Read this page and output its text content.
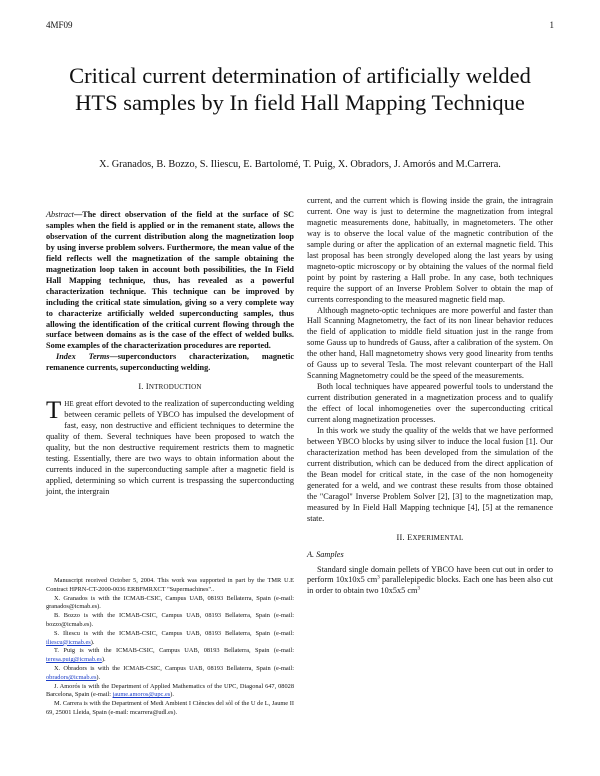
4MF09	1
Critical current determination of artificially welded HTS samples by In field Hall Mapping Technique
X. Granados, B. Bozzo, S. Iliescu, E. Bartolomé, T. Puig, X. Obradors, J. Amorós and M.Carrera.

Abstract—The direct observation of the field at the surface of SC samples when the field is applied or in the remanent state, allows the observation of the current distribution along the magnetization loop by using inverse problem solvers. Furthermore, the mean value of the field reflects well the magnetization of the sample obtaining the magnetization loop taken in account both possibilities, the In Field Hall Mapping technique, thus, has revealed as a powerful characterization technique. This technique can be improved by including the critical state simulation, giving so a very complete way to characterize artificially welded superconducting samples, thus allowing the identification of the critical current flowing through the surface between domains as is the case of the effect of welded bulks. Some examples of the characterization procedures are reported.

Index Terms—superconductors characterization, magnetic remanence currents, superconducting welding.

I. INTRODUCTION

THE great effort devoted to the realization of superconducting welding between ceramic pellets of YBCO has impulsed the development of fast, easy, non destructive and efficient techniques to determine the quality of them. Several techniques have been proposed to watch the quality, but the non destructive requirement restricts them to magnetic testing. Essentially, there are two ways to obtain information about the currents induced in the superconducting sample after a magnetic field is applied, determining so which current is trespassing the superconducting joint, the intergrain

Manuscript received October 5, 2004. This work was supported in part by the TMR U.E Contract HPRN-CT-2000-0036 ERBFMRXCT "Supermachines"..

X. Granados is with the ICMAB-CSIC, Campus UAB, 08193 Bellaterra, Spain (e-mail: granados@icmab.es).

B. Bozzo is with the ICMAB-CSIC, Campus UAB, 08193 Bellaterra, Spain (e-mail: bozzo@icmab.es).

S. Iliescu is with the ICMAB-CSIC, Campus UAB, 08193 Bellaterra, Spain (e-mail: iliescu@icmab.es).

T. Puig is with the ICMAB-CSIC, Campus UAB, 08193 Bellaterra, Spain (e-mail: teresa.puig@icmab.es).

X. Obradors is with the ICMAB-CSIC, Campus UAB, 08193 Bellaterra, Spain (e-mail: obradors@icmab.es).

J. Amorós is with the Department of Applied Mathematics of the UPC, Diagonal 647, 08028 Barcelona, Spain (e-mail: jaume.amoros@upc.es).

M. Carrera is with the Department of Medi Ambient I Ciències del sòl of the U de L, Jaume II 69, 25001 Lleida, Spain (e-mail: mcarrera@udl.es).

current, and the current which is flowing inside the grain, the intragrain current. One way is just to determine the magnetization from integral magnetic measurements done, habitually, in magnetometers. The other way is to observe the local value of the magnetic contribution of the sample during or after the application of an external magnetic field. This last proposal has been strongly developed along the last years by using magneto-optic microscopy or by obtaining the values of the normal field point by point by rastering a Hall probe. In any case, both techniques require the support of an Inverse Problem Solver to obtain the map of currents corresponding to the measured magnetic field map.

Although magneto-optic techniques are more powerful and faster than Hall Scanning Magnetometry, the fact of its non linear behavior reduces the field of application to middle field situation just in the range from some Gauss up to hundreds of Gauss, after a calibration of the system. On the other hand, Hall magnetometry shows very good linearity from tenths of Gauss up to several Tesla. The most relevant counterpart of the Hall Scanning Magnetometry could be the speed of the measurements.

Both local techniques have appeared powerful tools to understand the current distribution generated in a magnetization process and to qualify the effect of local inhomogeneties over the superconducting critical current along magnetization processes.

In this work we study the quality of the welds that we have performed between YBCO blocks by using silver to induce the local fusion [1]. Our characterization method has been developed from the simulation of the current distribution, which can be deduced from the direct application of the Bean model for critical state, in the case of the non homogeneity generated for a weld, and we contrast these results from those obtained the "Caragol" Inverse Problem Solver [2], [3] to the magnetization map, measured by In Field Hall Mapping technique [4], [5] at the remanence state.

II. EXPERIMENTAL
A. Samples

Standard single domain pellets of YBCO have been cut out in order to perform 10x10x5 $cm^3$ parallelepipedic blocks. Each one has been also cut in order to obtain two 10x5x5 $cm^3$
